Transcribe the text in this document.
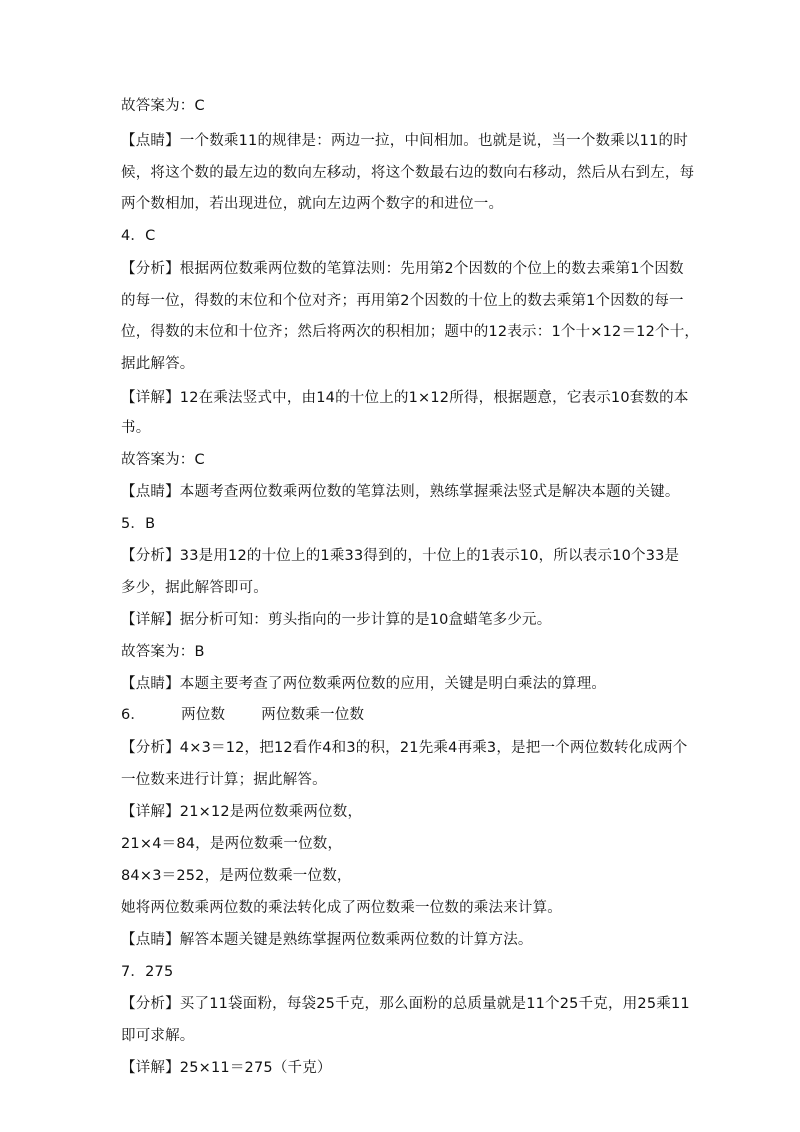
故答案为：C
【点睛】一个数乘11的规律是：两边一拉，中间相加。也就是说，当一个数乘以11的时
候，将这个数的最左边的数向左移动，将这个数最右边的数向右移动，然后从右到左，每
两个数相加，若出现进位，就向左边两个数字的和进位一。
4．C
【分析】根据两位数乘两位数的笔算法则：先用第2个因数的个位上的数去乘第1个因数
的每一位，得数的末位和个位对齐；再用第2个因数的十位上的数去乘第1个因数的每一
位，得数的末位和十位齐；然后将两次的积相加；题中的12表示：1个十×12＝12个十，
据此解答。
【详解】12在乘法竖式中，由14的十位上的1×12所得，根据题意，它表示10套数的本
书。
故答案为：C
【点睛】本题考查两位数乘两位数的笔算法则，熟练掌握乘法竖式是解决本题的关键。
5．B
【分析】33是用12的十位上的1乘33得到的，十位上的1表示10，所以表示10个33是
多少，据此解答即可。
【详解】据分析可知：剪头指向的一步计算的是10盒蜡笔多少元。
故答案为：B
【点睛】本题主要考查了两位数乘两位数的应用，关键是明白乘法的算理。
6． 两位数 两位数乘一位数
【分析】4×3＝12，把12看作4和3的积，21先乘4再乘3，是把一个两位数转化成两个
一位数来进行计算；据此解答。
【详解】21×12是两位数乘两位数，
21×4＝84，是两位数乘一位数，
84×3＝252，是两位数乘一位数，
她将两位数乘两位数的乘法转化成了两位数乘一位数的乘法来计算。
【点睛】解答本题关键是熟练掌握两位数乘两位数的计算方法。
7．275
【分析】买了11袋面粉，每袋25千克，那么面粉的总质量就是11个25千克，用25乘11
即可求解。
【详解】25×11＝275（千克）
